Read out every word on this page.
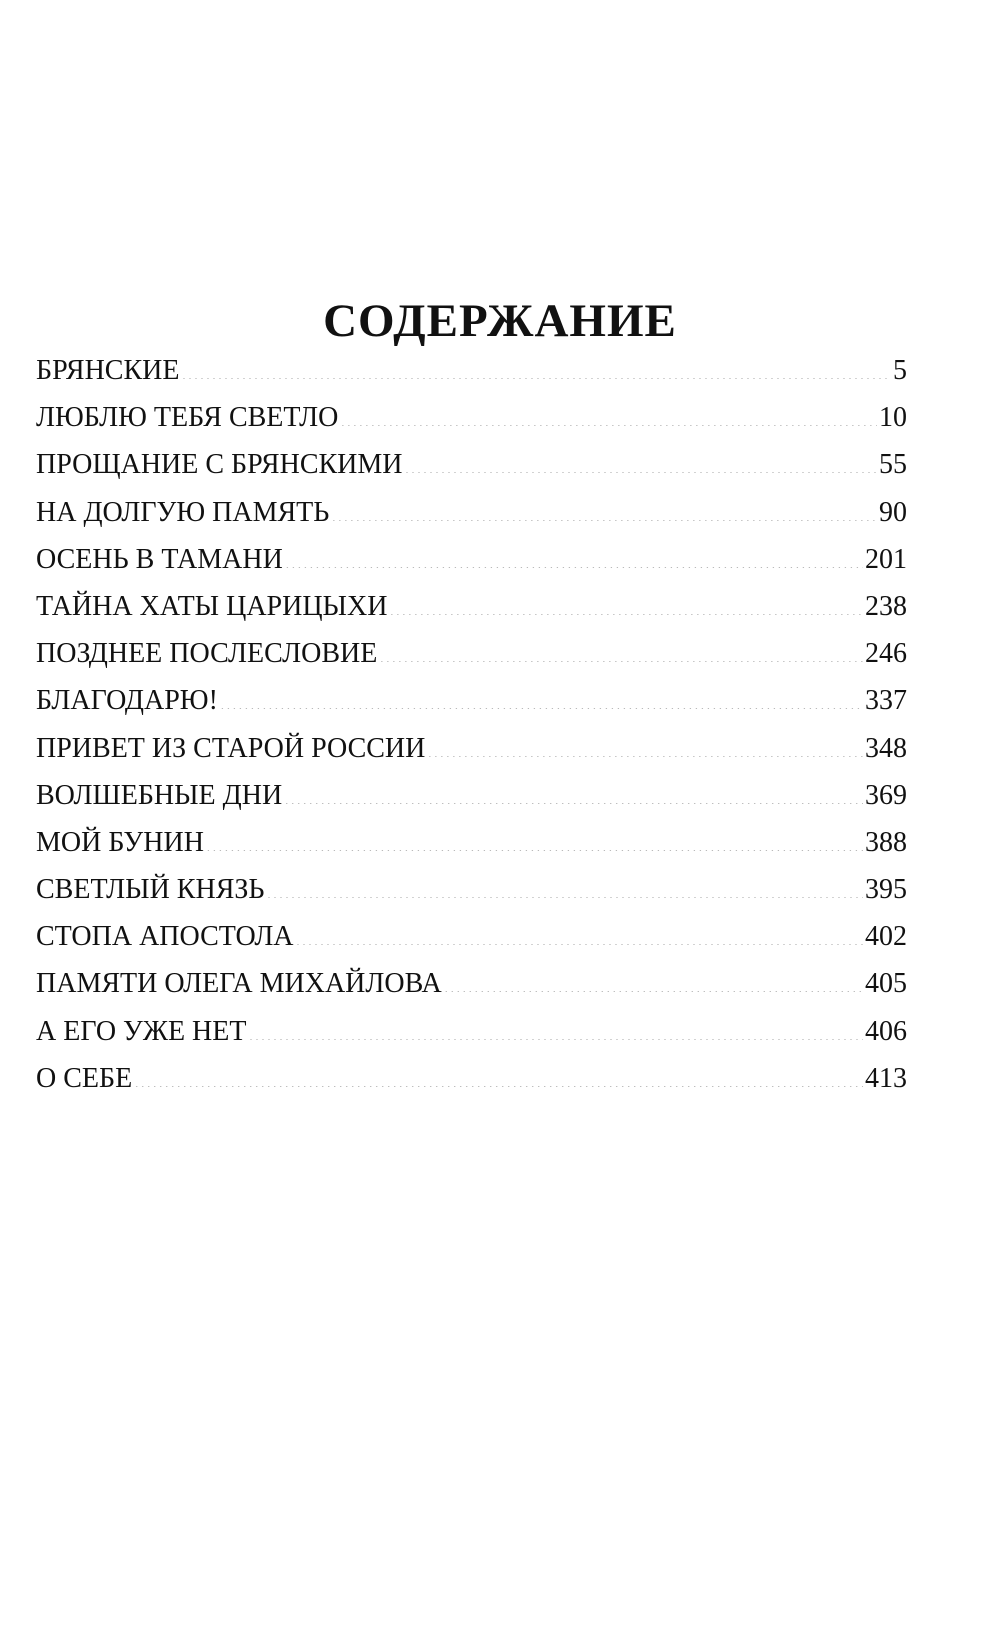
СОДЕРЖАНИЕ
БРЯНСКИЕ .....	5
ЛЮБЛЮ ТЕБЯ СВЕТЛО .....	10
ПРОЩАНИЕ С БРЯНСКИМИ .....	55
НА ДОЛГУЮ ПАМЯТЬ .....	90
ОСЕНЬ В ТАМАНИ .....	201
ТАЙНА ХАТЫ ЦАРИЦЫХИ .....	238
ПОЗДНЕЕ ПОСЛЕСЛОВИЕ .....	246
БЛАГОДАРЮ! .....	337
ПРИВЕТ ИЗ СТАРОЙ РОССИИ .....	348
ВОЛШЕБНЫЕ ДНИ .....	369
МОЙ БУНИН .....	388
СВЕТЛЫЙ КНЯЗЬ .....	395
СТОПА АПОСТОЛА .....	402
ПАМЯТИ ОЛЕГА МИХАЙЛОВА .....	405
А ЕГО УЖЕ НЕТ .....	406
О СЕБЕ .....	413
